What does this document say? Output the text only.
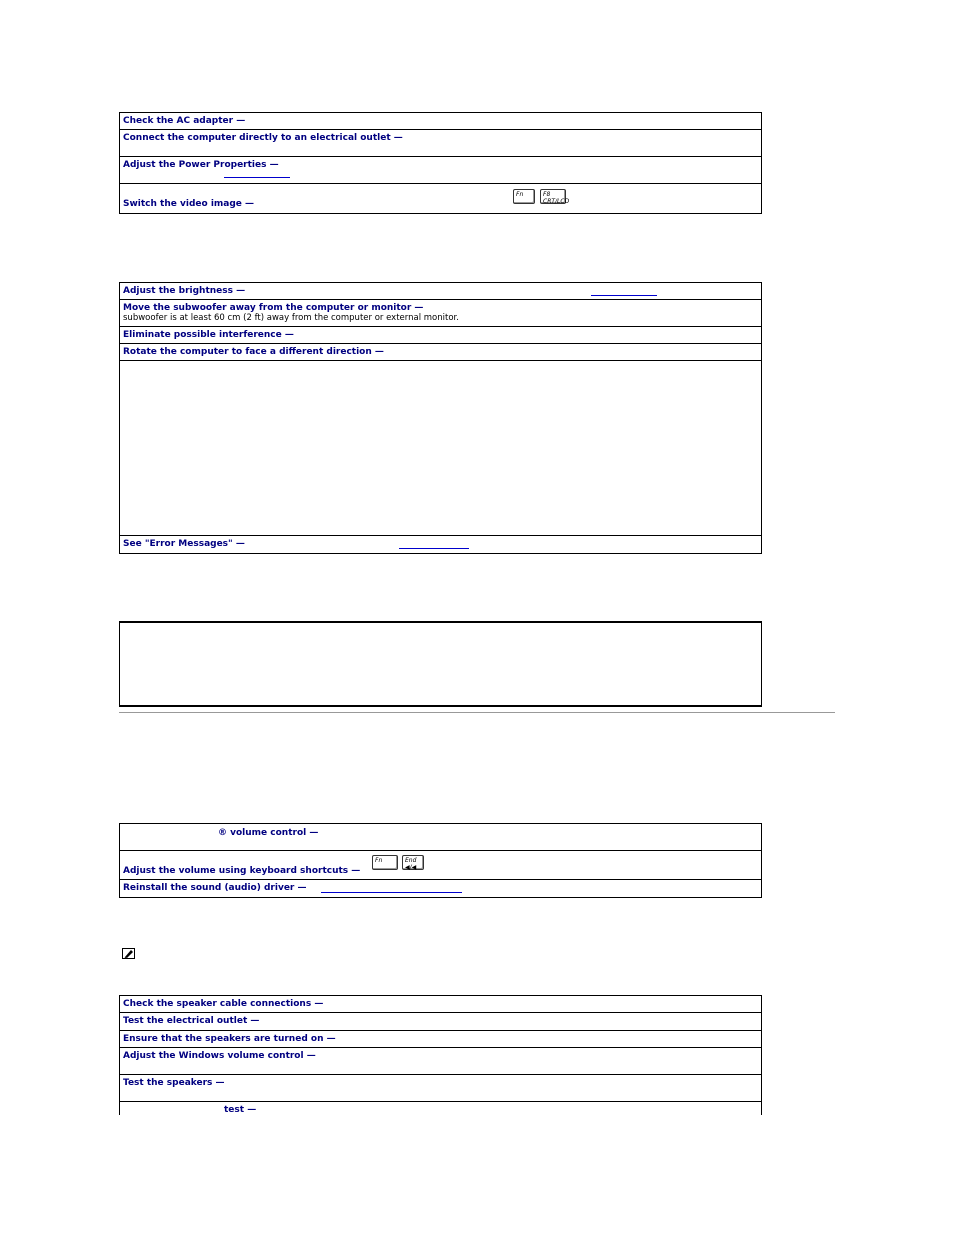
Check the AC adapter —
Connect the computer directly to an electrical outlet —
Adjust the Power Properties —
Switch the video image —
Fn	F8
CRT/LCD
Adjust the brightness —
Move the subwoofer away from the computer or monitor —
subwoofer is at least 60 cm (2 ft) away from the computer or external monitor.
Eliminate possible interference —
Rotate the computer to face a different direction —
See "Error Messages" —
® volume control —
Adjust the volume using keyboard shortcuts —
Fn	End
◀/◀
Reinstall the sound (audio) driver —
Check the speaker cable connections —
Test the electrical outlet —
Ensure that the speakers are turned on —
Adjust the Windows volume control —
Test the speakers —
test —
